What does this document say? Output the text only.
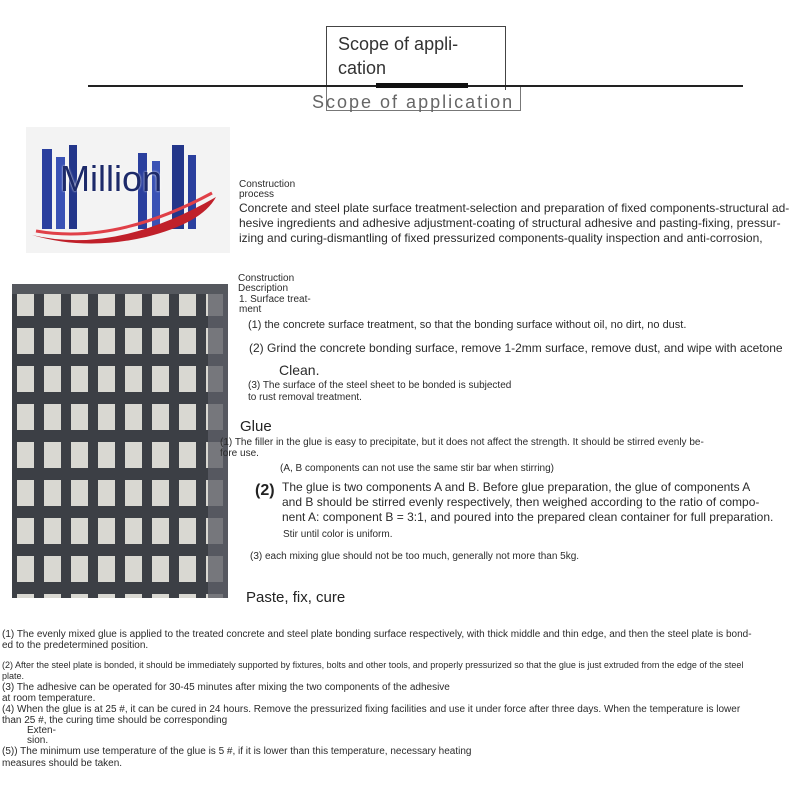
Scope of appli-
cation
Scope of application
Million	Construction
process
Concrete and steel plate surface treatment-selection and preparation of fixed components-structural ad-
hesive ingredients and adhesive adjustment-coating of structural adhesive and pasting-fixing, pressur-
izing and curing-dismantling of fixed pressurized components-quality inspection and anti-corrosion,
Construction
Description
1. Surface treat-
ment
(1) the concrete surface treatment, so that the bonding surface without oil, no dirt, no dust.
(2) Grind the concrete bonding surface, remove 1-2mm surface, remove dust, and wipe with acetone
Clean.
(3) The surface of the steel sheet to be bonded is subjected
to rust removal treatment.
Glue
(1) The filler in the glue is easy to precipitate, but it does not affect the strength. It should be stirred evenly be-
fore use.
(A, B components can not use the same stir bar when stirring)
(2) The glue is two components A and B. Before glue preparation, the glue of components A
and B should be stirred evenly respectively, then weighed according to the ratio of compo-
nent A: component B = 3:1, and poured into the prepared clean container for full preparation.
Stir until color is uniform.
(3) each mixing glue should not be too much, generally not more than 5kg.
Paste, fix, cure
(1) The evenly mixed glue is applied to the treated concrete and steel plate bonding surface respectively, with thick middle and thin edge, and then the steel plate is bond-
ed to the predetermined position.
(2) After the steel plate is bonded, it should be immediately supported by fixtures, bolts and other tools, and properly pressurized so that the glue is just extruded from the edge of the steel
plate.
(3) The adhesive can be operated for 30-45 minutes after mixing the two components of the adhesive
at room temperature.
(4) When the glue is at 25 #, it can be cured in 24 hours. Remove the pressurized fixing facilities and use it under force after three days. When the temperature is lower
than 25 #, the curing time should be corresponding
Exten-
sion.
(5)) The minimum use temperature of the glue is 5 #, if it is lower than this temperature, necessary heating
measures should be taken.
